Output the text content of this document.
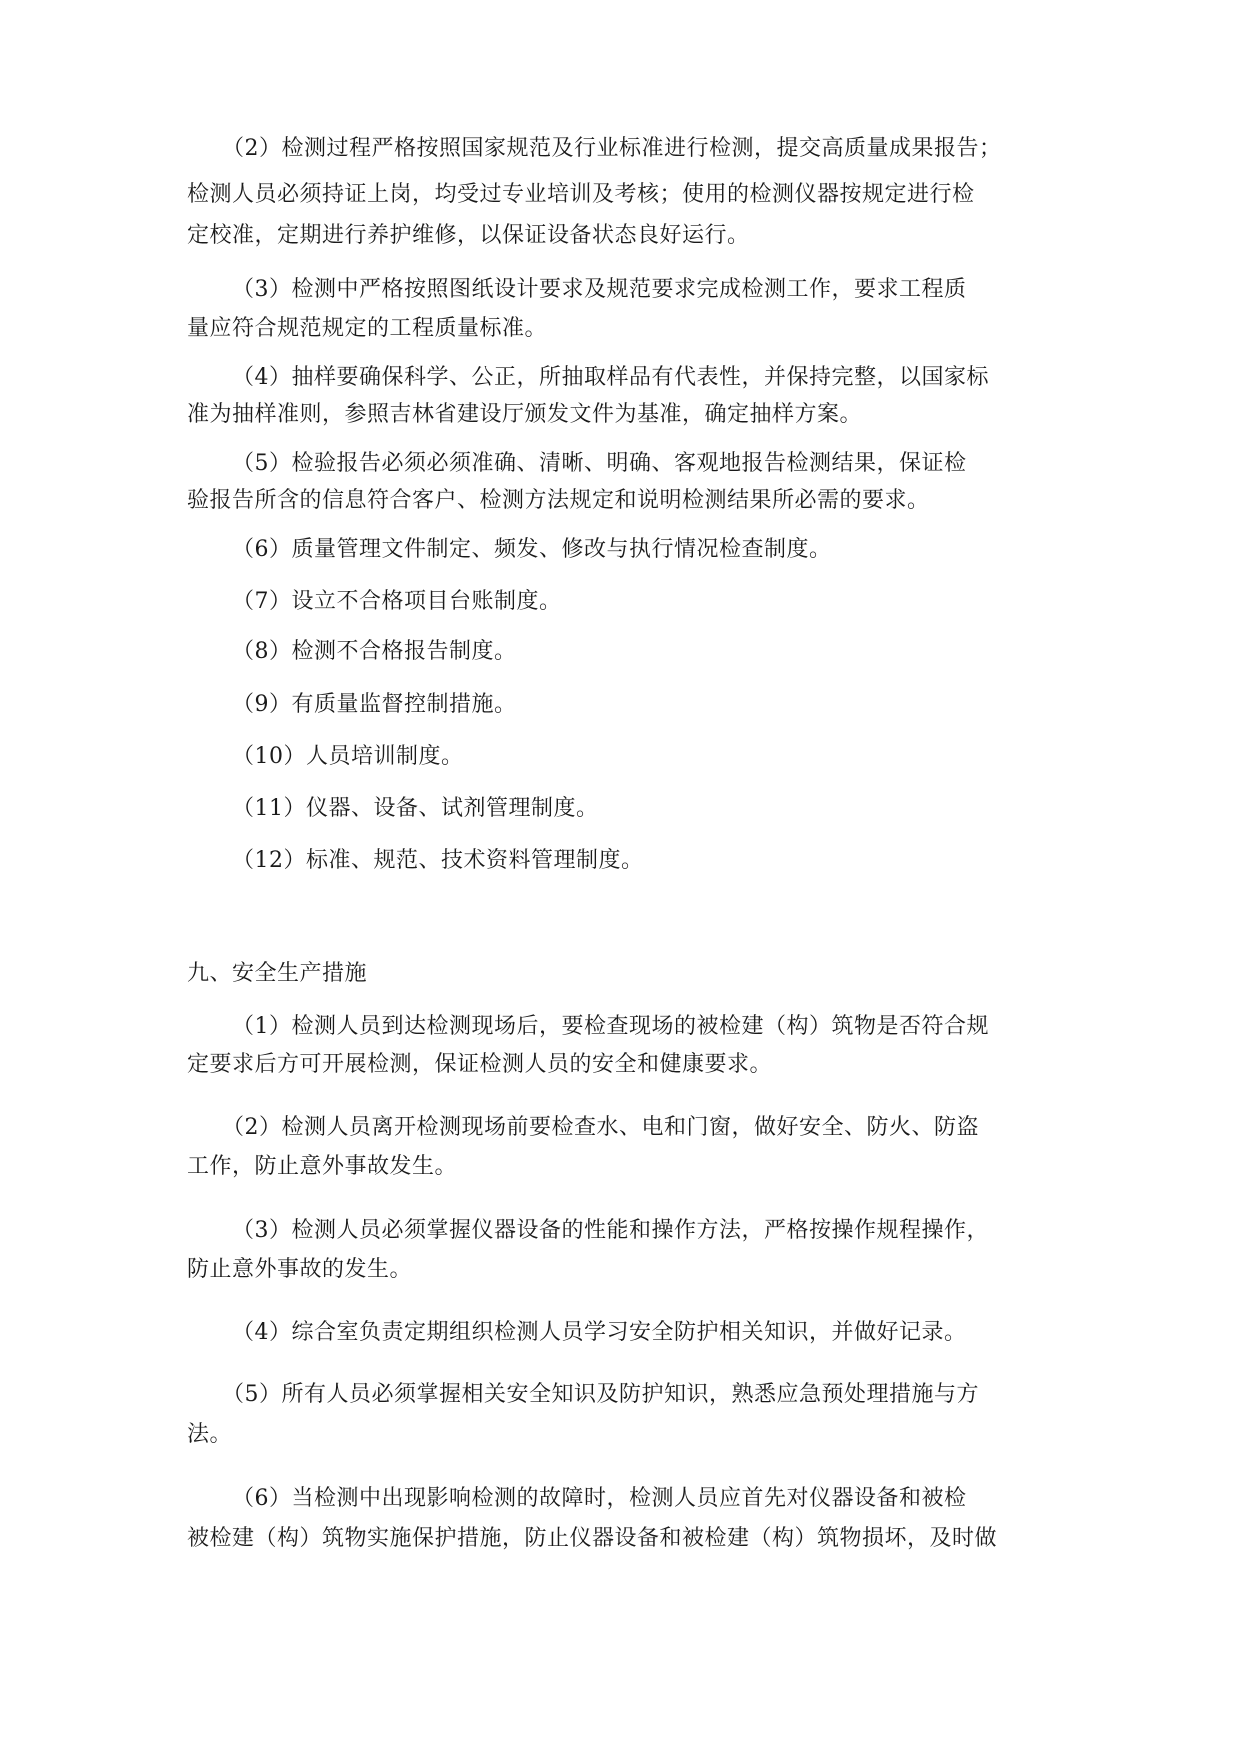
（2）检测过程严格按照国家规范及行业标准进行检测，提交高质量成果报告；

检测人员必须持证上岗，均受过专业培训及考核；使用的检测仪器按规定进行检

定校准，定期进行养护维修，以保证设备状态良好运行。

（3）检测中严格按照图纸设计要求及规范要求完成检测工作，要求工程质

量应符合规范规定的工程质量标准。

（4）抽样要确保科学、公正，所抽取样品有代表性，并保持完整，以国家标

准为抽样准则，参照吉林省建设厅颁发文件为基准，确定抽样方案。

（5）检验报告必须必须准确、清晰、明确、客观地报告检测结果，保证检

验报告所含的信息符合客户、检测方法规定和说明检测结果所必需的要求。

（6）质量管理文件制定、频发、修改与执行情况检查制度。

（7）设立不合格项目台账制度。

（8）检测不合格报告制度。

（9）有质量监督控制措施。

（10）人员培训制度。

（11）仪器、设备、试剂管理制度。

（12）标准、规范、技术资料管理制度。

九、安全生产措施

（1）检测人员到达检测现场后，要检查现场的被检建（构）筑物是否符合规

定要求后方可开展检测，保证检测人员的安全和健康要求。

（2）检测人员离开检测现场前要检查水、电和门窗，做好安全、防火、防盗

工作，防止意外事故发生。

（3）检测人员必须掌握仪器设备的性能和操作方法，严格按操作规程操作，

防止意外事故的发生。

（4）综合室负责定期组织检测人员学习安全防护相关知识，并做好记录。

（5）所有人员必须掌握相关安全知识及防护知识，熟悉应急预处理措施与方

法。

（6）当检测中出现影响检测的故障时，检测人员应首先对仪器设备和被检

被检建（构）筑物实施保护措施，防止仪器设备和被检建（构）筑物损坏，及时做
